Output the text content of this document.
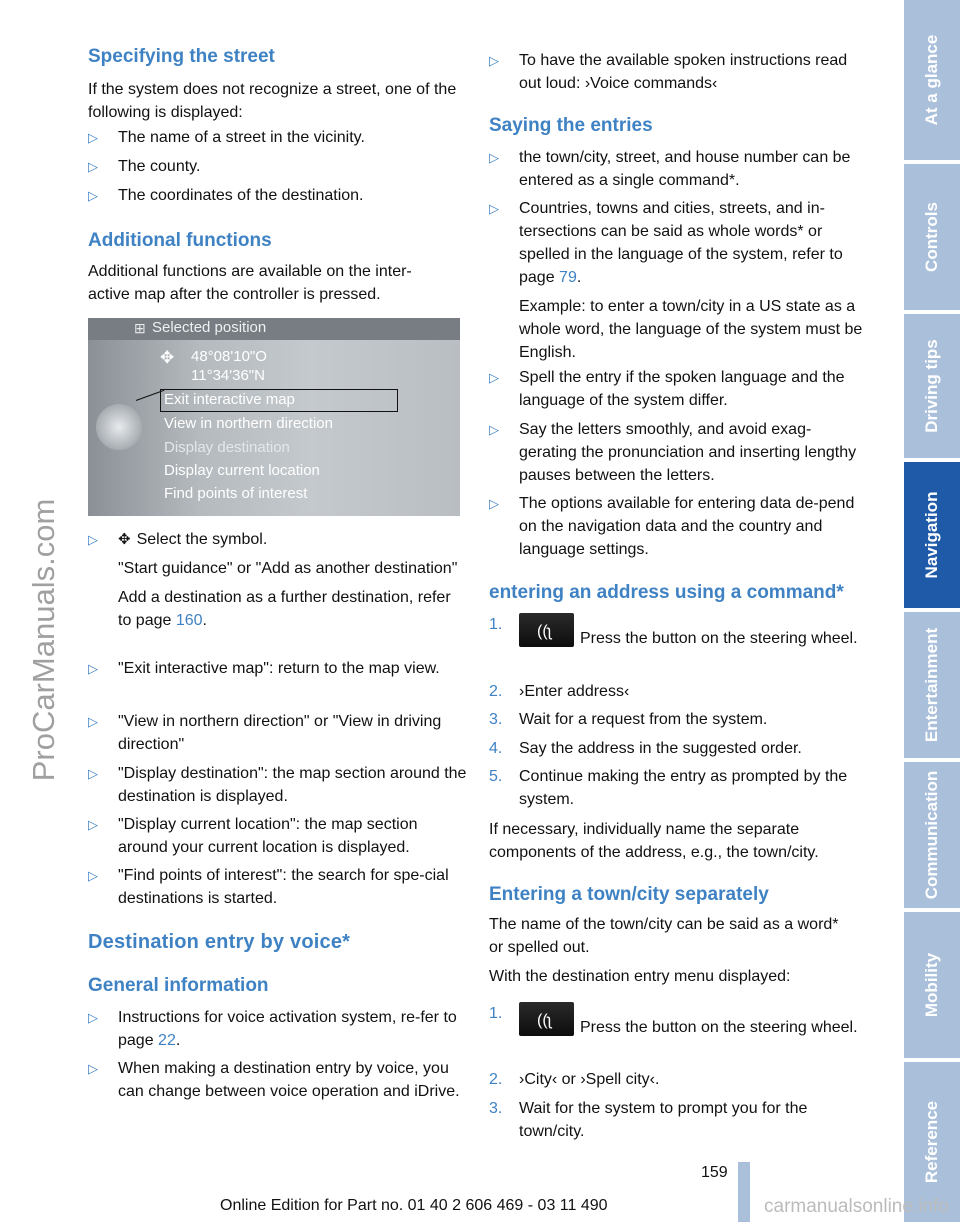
Specifying the street

If the system does not recognize a street, one of the following is displayed:

▷ The name of a street in the vicinity.
▷ The county.
▷ The coordinates of the destination.
Additional functions

Additional functions are available on the inter-active map after the controller is pressed.

▷ ✥ Select the symbol.
"Start guidance" or "Add as another destination"
Add a destination as a further destination, refer to page 160.
▷ "Exit interactive map": return to the map view.
▷ "View in northern direction" or "View in driving direction"
▷ "Display destination": the map section around the destination is displayed.
▷ "Display current location": the map section around your current location is displayed.
▷ "Find points of interest": the search for spe-cial destinations is started.
Destination entry by voice*
General information
▷ Instructions for voice activation system, re-fer to page 22.
▷ When making a destination entry by voice, you can change between voice operation and iDrive.
⊞ Selected position
✥ 48°08'10"O
11°34'36"N
Exit interactive map
View in northern direction
Display destination
Display current location
Find points of interest
▷ To have the available spoken instructions read out loud: ›Voice commands‹
Saying the entries
▷ the town/city, street, and house number can be entered as a single command*.
▷ Countries, towns and cities, streets, and in-tersections can be said as whole words* or spelled in the language of the system, refer to page 79.
Example: to enter a town/city in a US state as a whole word, the language of the system must be English.
▷ Spell the entry if the spoken language and the language of the system differ.
▷ Say the letters smoothly, and avoid exag-gerating the pronunciation and inserting lengthy pauses between the letters.
▷ The options available for entering data de-pend on the navigation data and the country and language settings.
entering an address using a command*
1. ((ʅ Press the button on the steering wheel.
2. ›Enter address‹
3. Wait for a request from the system.
4. Say the address in the suggested order.
5. Continue making the entry as prompted by the system.

If necessary, individually name the separate components of the address, e.g., the town/city.

Entering a town/city separately

The name of the town/city can be said as a word* or spelled out.

With the destination entry menu displayed:

1. ((ʅ Press the button on the steering wheel.
2. ›City‹ or ›Spell city‹.
3. Wait for the system to prompt you for the town/city.
At a glance
Controls
Driving tips
Navigation
Entertainment
Communication
Mobility
Reference
ProCarManuals.com
159
Online Edition for Part no. 01 40 2 606 469 - 03 11 490	carmanualsonline.info
